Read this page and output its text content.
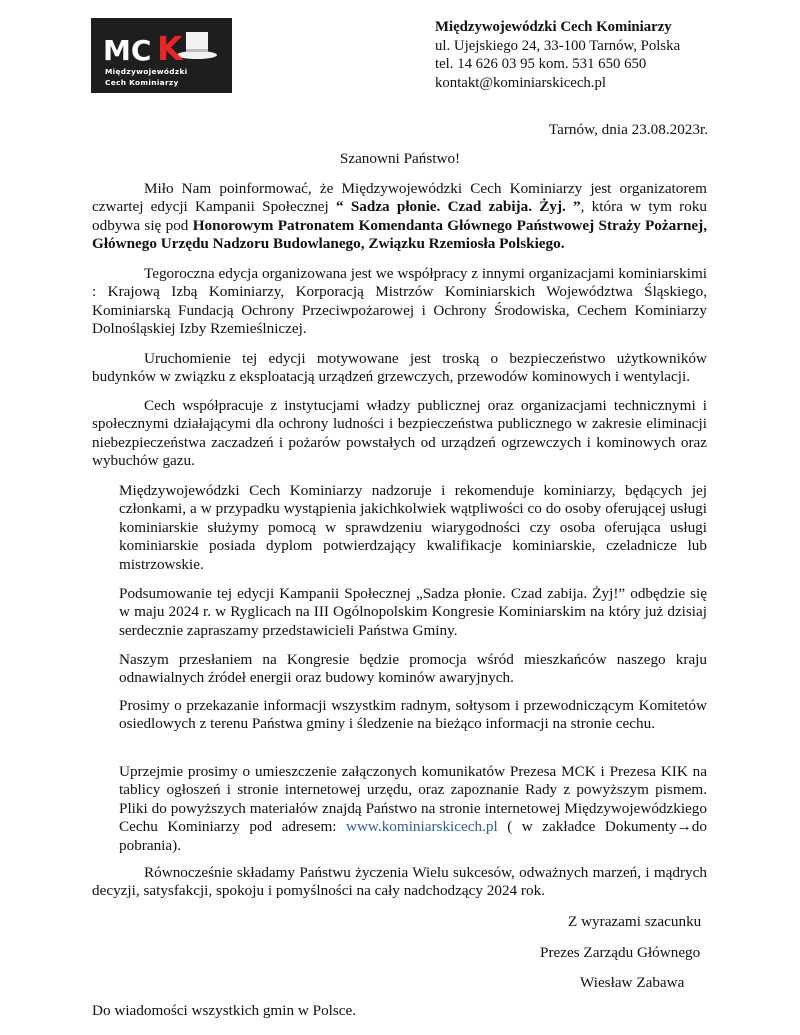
MC K
Międzywojewódzki
Cech Kominiarzy
Międzywojewódzki Cech Kominiarzy
ul. Ujejskiego 24, 33-100 Tarnów, Polska
tel. 14 626 03 95 kom. 531 650 650
kontakt@kominiarskicech.pl
Tarnów, dnia 23.08.2023r.
Szanowni Państwo!

Miło Nam poinformować, że Międzywojewódzki Cech Kominiarzy jest organizatorem czwartej edycji Kampanii Społecznej “ Sadza płonie. Czad zabija. Żyj. ”, która w tym roku odbywa się pod Honorowym Patronatem Komendanta Głównego Państwowej Straży Pożarnej, Głównego Urzędu Nadzoru Budowlanego, Związku Rzemiosła Polskiego.

Tegoroczna edycja organizowana jest we współpracy z innymi organizacjami kominiarskimi : Krajową Izbą Kominiarzy, Korporacją Mistrzów Kominiarskich Województwa Śląskiego, Kominiarską Fundacją Ochrony Przeciwpożarowej i Ochrony Środowiska, Cechem Kominiarzy Dolnośląskiej Izby Rzemieślniczej.

Uruchomienie tej edycji motywowane jest troską o bezpieczeństwo użytkowników budynków w związku z eksploatacją urządzeń grzewczych, przewodów kominowych i wentylacji.

Cech współpracuje z instytucjami władzy publicznej oraz organizacjami technicznymi i społecznymi działającymi dla ochrony ludności i bezpieczeństwa publicznego w zakresie eliminacji niebezpieczeństwa zaczadzeń i pożarów powstałych od urządzeń ogrzewczych i kominowych oraz wybuchów gazu.

Międzywojewódzki Cech Kominiarzy nadzoruje i rekomenduje kominiarzy, będących jej członkami, a w przypadku wystąpienia jakichkolwiek wątpliwości co do osoby oferującej usługi kominiarskie służymy pomocą w sprawdzeniu wiarygodności czy osoba oferująca usługi kominiarskie posiada dyplom potwierdzający kwalifikacje kominiarskie, czeladnicze lub mistrzowskie.

Podsumowanie tej edycji Kampanii Społecznej „Sadza płonie. Czad zabija. Żyj!” odbędzie się w maju 2024 r. w Ryglicach na III Ogólnopolskim Kongresie Kominiarskim na który już dzisiaj serdecznie zapraszamy przedstawicieli Państwa Gminy.

Naszym przesłaniem na Kongresie będzie promocja wśród mieszkańców naszego kraju odnawialnych źródeł energii oraz budowy kominów awaryjnych.

Prosimy o przekazanie informacji wszystkim radnym, sołtysom i przewodniczącym Komitetów osiedlowych z terenu Państwa gminy i śledzenie na bieżąco informacji na stronie cechu.

Uprzejmie prosimy o umieszczenie załączonych komunikatów Prezesa MCK i Prezesa KIK na tablicy ogłoszeń i stronie internetowej urzędu, oraz zapoznanie Rady z powyższym pismem. Pliki do powyższych materiałów znajdą Państwo na stronie internetowej Międzywojewódzkiego Cechu Kominiarzy pod adresem: www.kominiarskicech.pl ( w zakładce Dokumenty→do pobrania).

Równocześnie składamy Państwu życzenia Wielu sukcesów, odważnych marzeń, i mądrych decyzji, satysfakcji, spokoju i pomyślności na cały nadchodzący 2024 rok.

Z wyrazami szacunku
Prezes Zarządu Głównego
Wiesław Zabawa
Do wiadomości wszystkich gmin w Polsce.
